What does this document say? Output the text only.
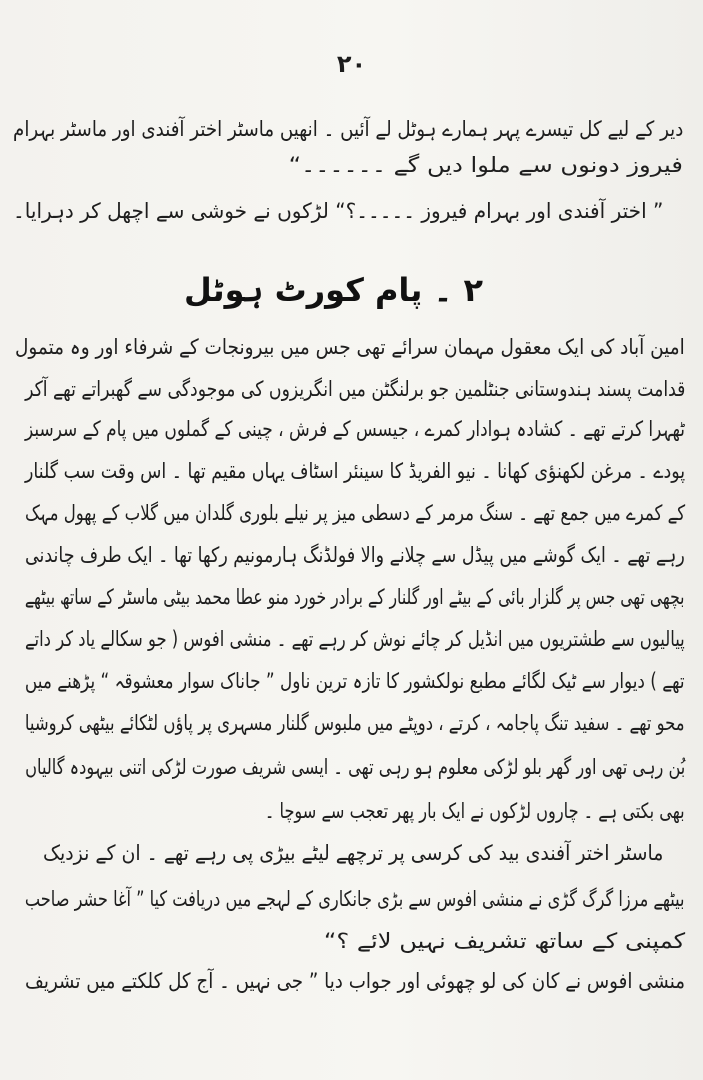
۲۰
دیر کے لیے کل تیسرے پہر ہمارے ہوٹل لے آئیں ۔ انھیں ماسٹر اختر آفندی اور ماسٹر بہرام
فیروز دونوں سے ملوا دیں گے ۔۔۔۔۔۔“
” اختر آفندی اور بہرام فیروز ۔۔۔۔۔؟“ لڑکوں نے خوشی سے اچھل کر دہرایا۔
۲ ۔ پام کورٹ ہوٹل
امین آباد کی ایک معقول مہمان سرائے تھی جس میں بیرونجات کے شرفاء اور وہ متمول
قدامت پسند ہندوستانی جنٹلمین جو برلنگٹن میں انگریزوں کی موجودگی سے گھبراتے تھے آکر
ٹھہرا کرتے تھے ۔ کشادہ ہوادار کمرے ، جیسس کے فرش ، چینی کے گملوں میں پام کے سرسبز
پودے ۔ مرغن لکھنؤی کھانا ۔ نیو الفریڈ کا سینئر اسٹاف یہاں مقیم تھا ۔ اس وقت سب گلنار
کے کمرے میں جمع تھے ۔ سنگ مرمر کے دسطی میز پر نیلے بلوری گلدان میں گلاب کے پھول مہک
رہے تھے ۔ ایک گوشے میں پیڈل سے چلانے والا فولڈنگ ہارمونیم رکھا تھا ۔ ایک طرف چاندنی
بچھی تھی جس پر گلزار بائی کے بیٹے اور گلنار کے برادر خورد منو عطا محمد بیٹی ماسٹر کے ساتھ بیٹھے
پیالیوں سے طشتریوں میں انڈیل کر چائے نوش کر رہے تھے ۔ منشی افوس ( جو سکالے یاد کر داتے
تھے ) دیوار سے ٹیک لگائے مطبع نولکشور کا تازہ ترین ناول ” جاناک سوار معشوقہ “ پڑھنے میں
محو تھے ۔ سفید تنگ پاجامہ ، کرتے ، دوپٹے میں ملبوس گلنار مسہری پر پاؤں لٹکائے بیٹھی کروشیا
بُن رہی تھی اور گھر بلو لڑکی معلوم ہو رہی تھی ۔ ایسی شریف صورت لڑکی اتنی بیہودہ گالیاں
بھی بکتی ہے ۔ چاروں لڑکوں نے ایک بار پھر تعجب سے سوچا ۔
ماسٹر اختر آفندی بید کی کرسی پر ترچھے لیٹے بیڑی پی رہے تھے ۔ ان کے نزدیک
بیٹھے مرزا گرگ گڑی نے منشی افوس سے بڑی جانکاری کے لہجے میں دریافت کیا ” آغا حشر صاحب
کمپنی کے ساتھ تشریف نہیں لائے ؟“
منشی افوس نے کان کی لو چھوئی اور جواب دیا ” جی نہیں ۔ آج کل کلکتے میں تشریف
